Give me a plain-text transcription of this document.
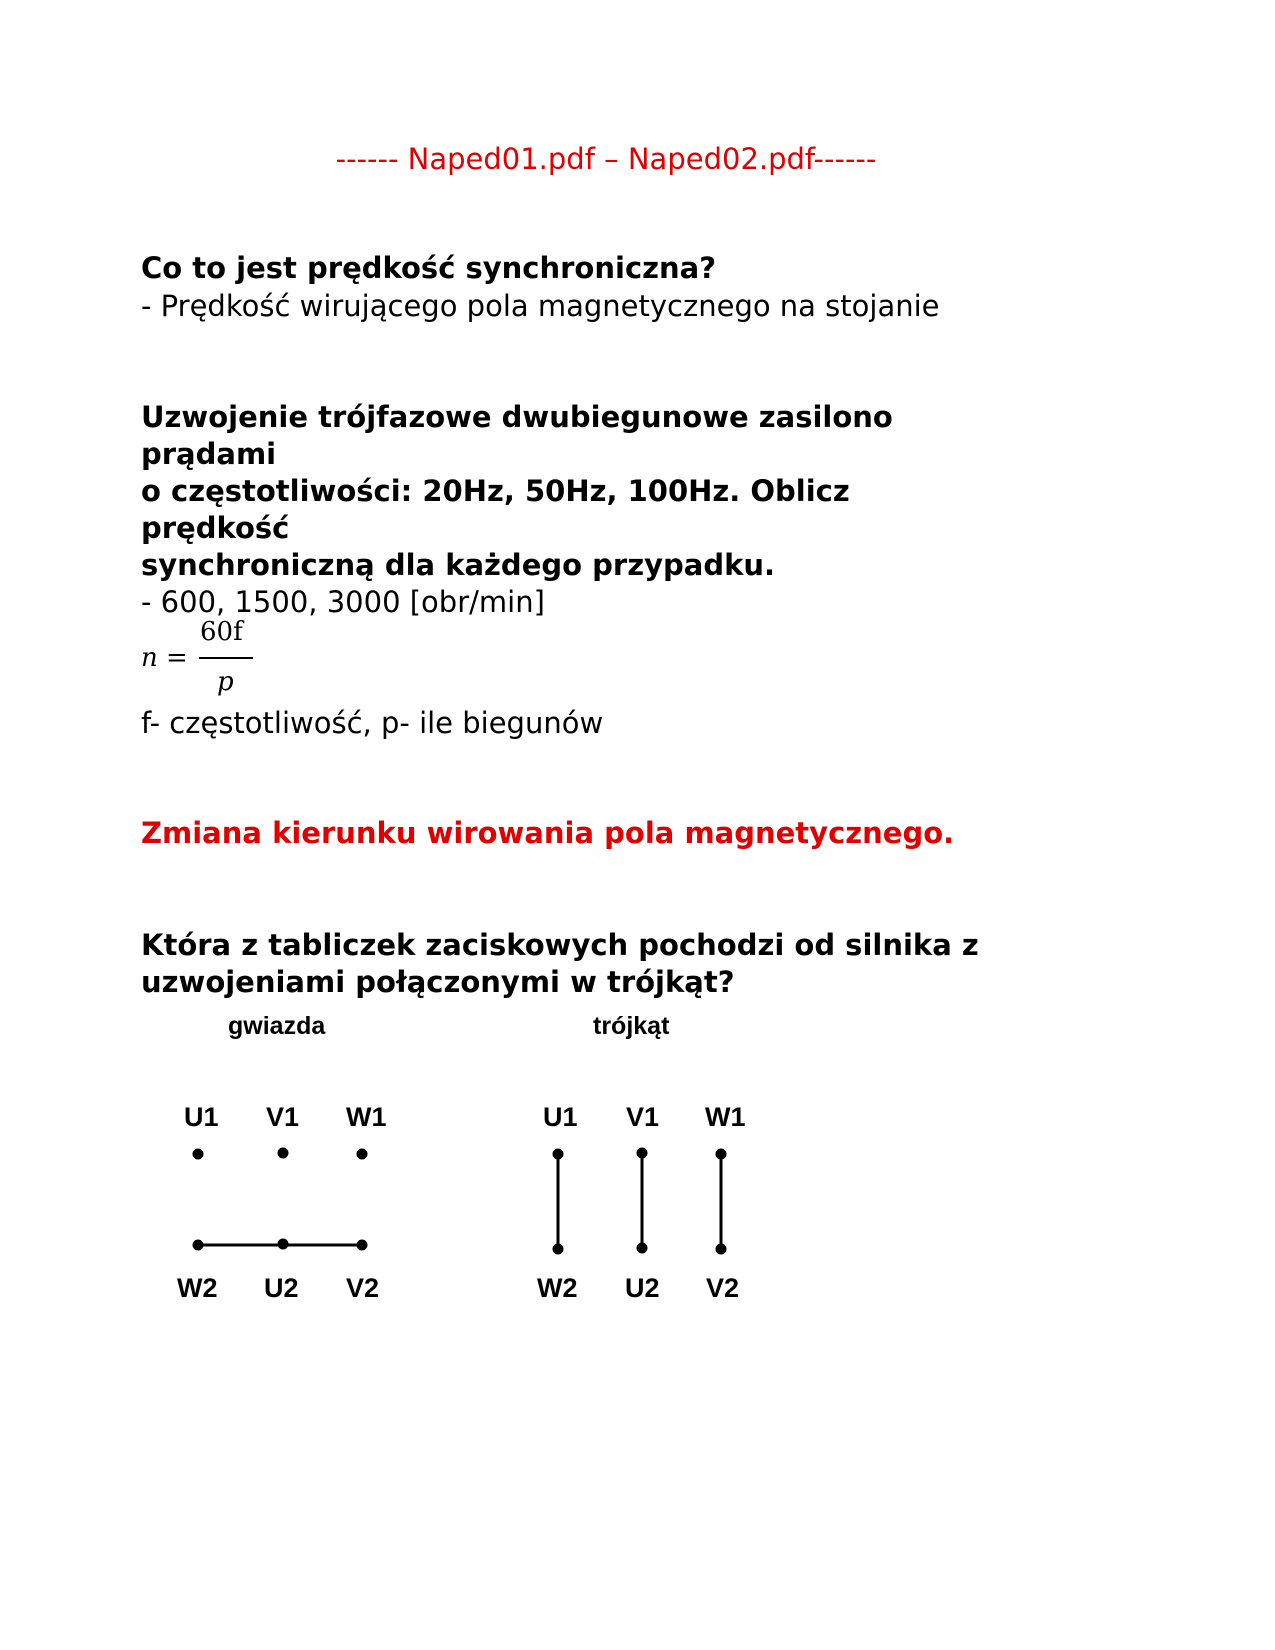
------ Naped01.pdf – Naped02.pdf------
Co to jest prędkość synchroniczna?
- Prędkość wirującego pola magnetycznego na stojanie
Uzwojenie trójfazowe dwubiegunowe zasilono
prądami
o częstotliwości: 20Hz, 50Hz, 100Hz. Oblicz
prędkość
synchroniczną dla każdego przypadku.
- 600, 1500, 3000 [obr/min]
n =
60f
p
f- częstotliwość, p- ile biegunów
Zmiana kierunku wirowania pola magnetycznego.
Która z tabliczek zaciskowych pochodzi od silnika z
uzwojeniami połączonymi w trójkąt?
gwiazda
U1 V1 W1
W2 U2 V2
trójkąt
U1 V1 W1
W2 U2 V2
